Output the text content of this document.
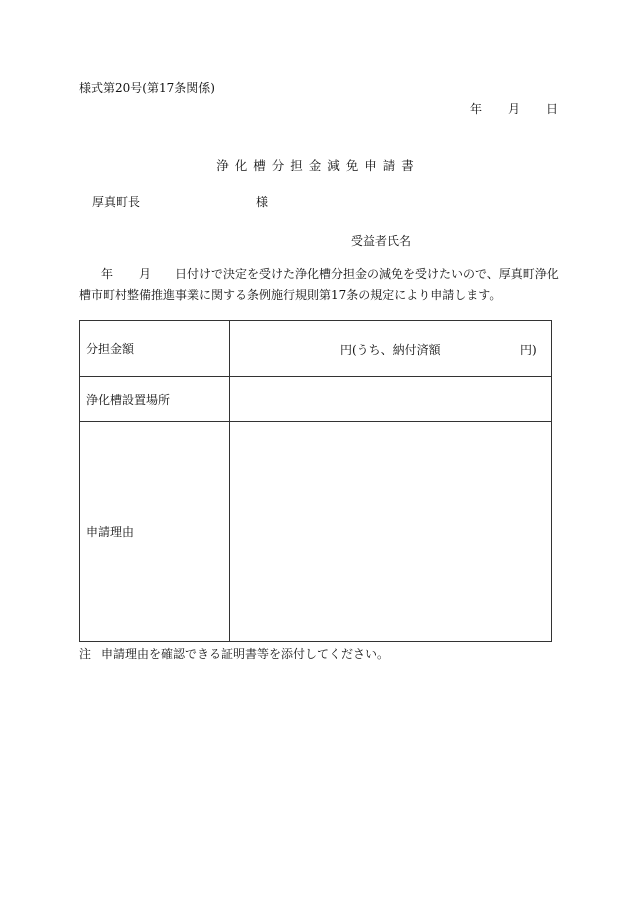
様式第20号(第17条関係)
年 月 日
浄化槽分担金減免申請書
厚真町長	様
受益者氏名
年 月 日付けで決定を受けた浄化槽分担金の減免を受けたいので、厚真町浄化
槽市町村整備推進事業に関する条例施行規則第17条の規定により申請します。
分担金額	円(うち、納付済額 円)

浄化槽設置場所	
申請理由	
注 申請理由を確認できる証明書等を添付してください。
